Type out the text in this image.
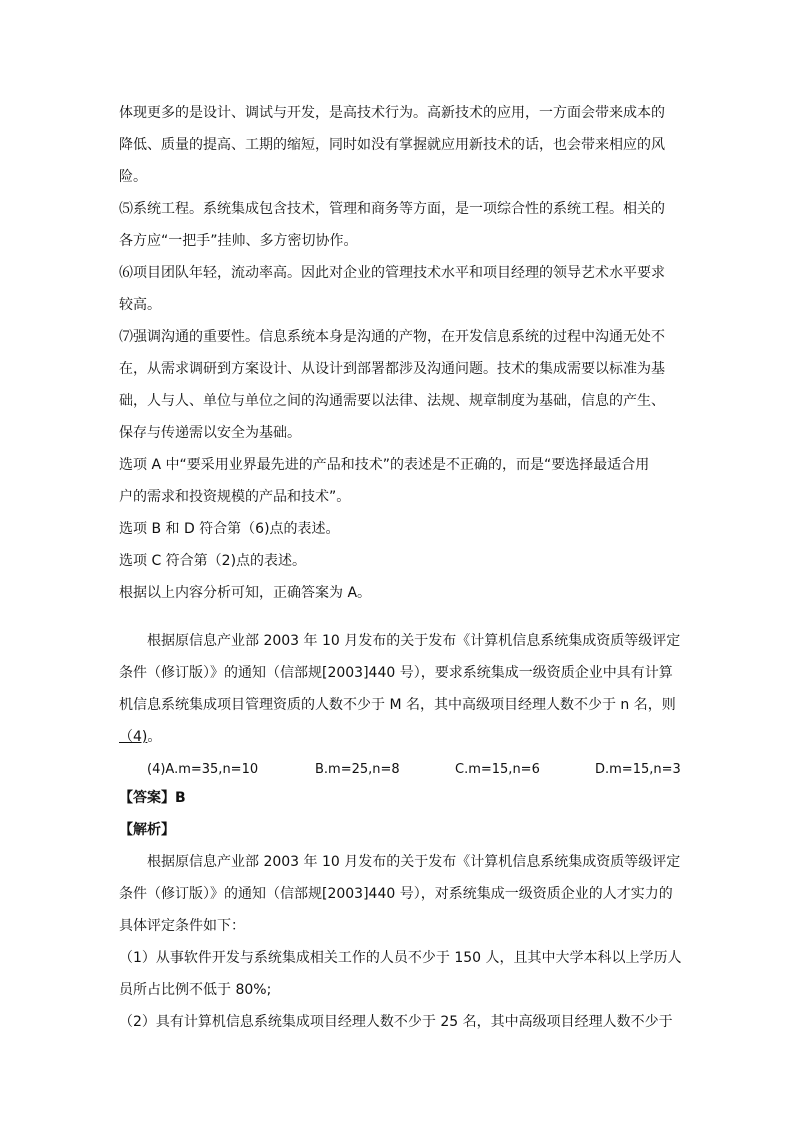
体现更多的是设计、调试与开发，是高技术行为。高新技术的应用，一方面会带来成本的
降低、质量的提高、工期的缩短，同时如没有掌握就应用新技术的话，也会带来相应的风
险。
⑸系统工程。系统集成包含技术，管理和商务等方面，是一项综合性的系统工程。相关的
各方应“一把手”挂帅、多方密切协作。
⑹项目团队年轻，流动率高。因此对企业的管理技术水平和项目经理的领导艺术水平要求
较高。
⑺强调沟通的重要性。信息系统本身是沟通的产物，在开发信息系统的过程中沟通无处不
在，从需求调研到方案设计、从设计到部署都涉及沟通问题。技术的集成需要以标准为基
础，人与人、单位与单位之间的沟通需要以法律、法规、规章制度为基础，信息的产生、
保存与传递需以安全为基础。
选项 A 中“要采用业界最先进的产品和技术”的表述是不正确的，而是“要选择最适合用
户的需求和投资规模的产品和技术”。
选项 B 和 D 符合第（6)点的表述。
选项 C 符合第（2)点的表述。
根据以上内容分析可知，正确答案为 A。
根据原信息产业部 2003 年 10 月发布的关于发布《计算机信息系统集成资质等级评定
条件（修订版）》的通知（信部规[2003]440 号），要求系统集成一级资质企业中具有计算
机信息系统集成项目管理资质的人数不少于 M 名，其中高级项目经理人数不少于 n 名，则
（4)。
(4)A.m=35,n=10	B.m=25,n=8	C.m=15,n=6	D.m=15,n=3
【答案】B
【解析】
根据原信息产业部 2003 年 10 月发布的关于发布《计算机信息系统集成资质等级评定
条件（修订版）》的通知（信部规[2003]440 号），对系统集成一级资质企业的人才实力的
具体评定条件如下：
（1）从事软件开发与系统集成相关工作的人员不少于 150 人，且其中大学本科以上学历人
员所占比例不低于 80%;
（2）具有计算机信息系统集成项目经理人数不少于 25 名，其中高级项目经理人数不少于
